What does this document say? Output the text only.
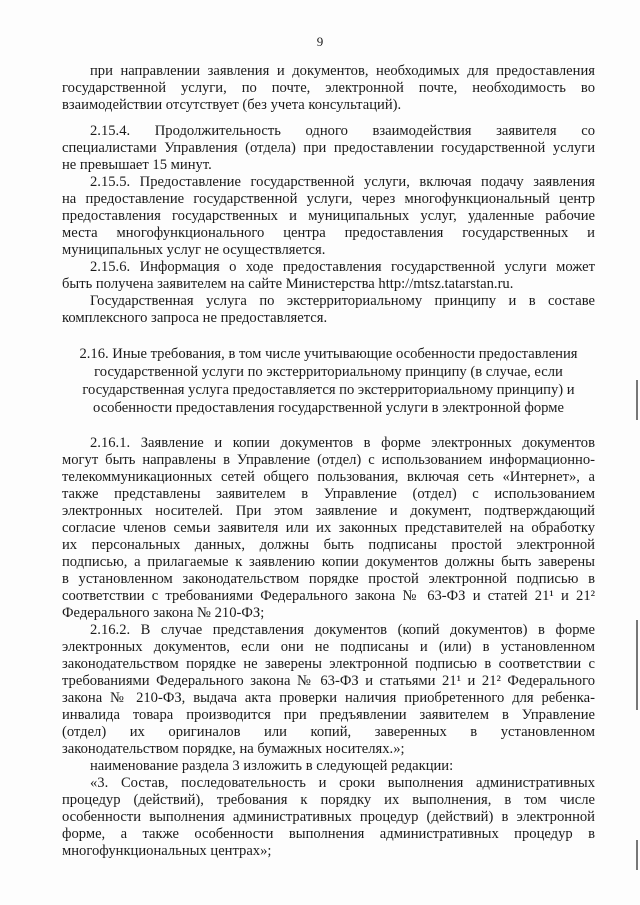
9
при направлении заявления и документов, необходимых для предоставления
государственной услуги, по почте, электронной почте, необходимость во
взаимодействии отсутствует (без учета консультаций).
2.15.4. Продолжительность одного взаимодействия заявителя со
специалистами Управления (отдела) при предоставлении государственной услуги
не превышает 15 минут.
2.15.5. Предоставление государственной услуги, включая подачу заявления
на предоставление государственной услуги, через многофункциональный центр
предоставления государственных и муниципальных услуг, удаленные рабочие
места многофункционального центра предоставления государственных и
муниципальных услуг не осуществляется.
2.15.6. Информация о ходе предоставления государственной услуги может
быть получена заявителем на сайте Министерства http://mtsz.tatarstan.ru.
Государственная услуга по экстерриториальному принципу и в составе
комплексного запроса не предоставляется.
2.16. Иные требования, в том числе учитывающие особенности предоставления
государственной услуги по экстерриториальному принципу (в случае, если
государственная услуга предоставляется по экстерриториальному принципу) и
особенности предоставления государственной услуги в электронной форме
2.16.1. Заявление и копии документов в форме электронных документов
могут быть направлены в Управление (отдел) с использованием информационно-
телекоммуникационных сетей общего пользования, включая сеть «Интернет», а
также представлены заявителем в Управление (отдел) с использованием
электронных носителей. При этом заявление и документ, подтверждающий
согласие членов семьи заявителя или их законных представителей на обработку
их персональных данных, должны быть подписаны простой электронной
подписью, а прилагаемые к заявлению копии документов должны быть заверены
в установленном законодательством порядке простой электронной подписью в
соответствии с требованиями Федерального закона № 63-ФЗ и статей 21¹ и 21²
Федерального закона № 210-ФЗ;
2.16.2. В случае представления документов (копий документов) в форме
электронных документов, если они не подписаны и (или) в установленном
законодательством порядке не заверены электронной подписью в соответствии с
требованиями Федерального закона № 63-ФЗ и статьями 21¹ и 21² Федерального
закона № 210-ФЗ, выдача акта проверки наличия приобретенного для ребенка-
инвалида товара производится при предъявлении заявителем в Управление
(отдел) их оригиналов или копий, заверенных в установленном
законодательством порядке, на бумажных носителях.»;
наименование раздела 3 изложить в следующей редакции:
«3. Состав, последовательность и сроки выполнения административных
процедур (действий), требования к порядку их выполнения, в том числе
особенности выполнения административных процедур (действий) в электронной
форме, а также особенности выполнения административных процедур в
многофункциональных центрах»;
